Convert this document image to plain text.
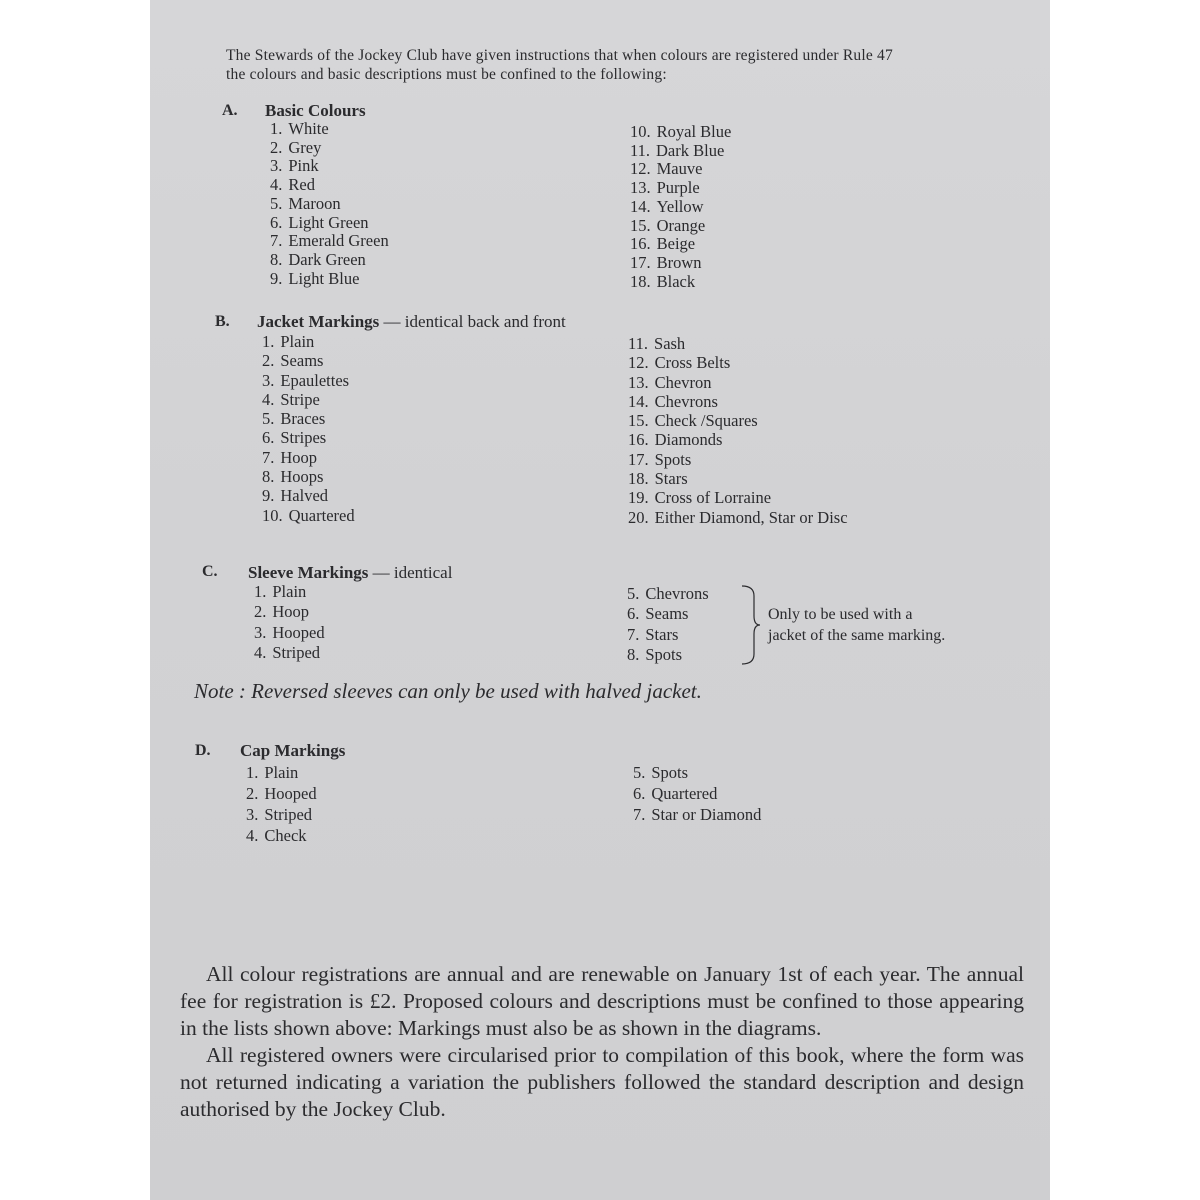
The Stewards of the Jockey Club have given instructions that when colours are registered under Rule 47
the colours and basic descriptions must be confined to the following:
A. Basic Colours
1. White
2. Grey
3. Pink
4. Red
5. Maroon
6. Light Green
7. Emerald Green
8. Dark Green
9. Light Blue
10. Royal Blue
11. Dark Blue
12. Mauve
13. Purple
14. Yellow
15. Orange
16. Beige
17. Brown
18. Black
B. Jacket Markings — identical back and front
1. Plain
2. Seams
3. Epaulettes
4. Stripe
5. Braces
6. Stripes
7. Hoop
8. Hoops
9. Halved
10. Quartered
11. Sash
12. Cross Belts
13. Chevron
14. Chevrons
15. Check /Squares
16. Diamonds
17. Spots
18. Stars
19. Cross of Lorraine
20. Either Diamond, Star or Disc
C. Sleeve Markings — identical
1. Plain
2. Hoop
3. Hooped
4. Striped
5. Chevrons
6. Seams
7. Stars
8. Spots
Only to be used with a
jacket of the same marking.
Note : Reversed sleeves can only be used with halved jacket.
D. Cap Markings
1. Plain
2. Hooped
3. Striped
4. Check
5. Spots
6. Quartered
7. Star or Diamond

All colour registrations are annual and are renewable on January 1st of each year. The annual fee for registration is £2. Proposed colours and descriptions must be confined to those appearing in the lists shown above: Markings must also be as shown in the diagrams.

All registered owners were circularised prior to compilation of this book, where the form was not returned indicating a variation the publishers followed the standard description and design authorised by the Jockey Club.
